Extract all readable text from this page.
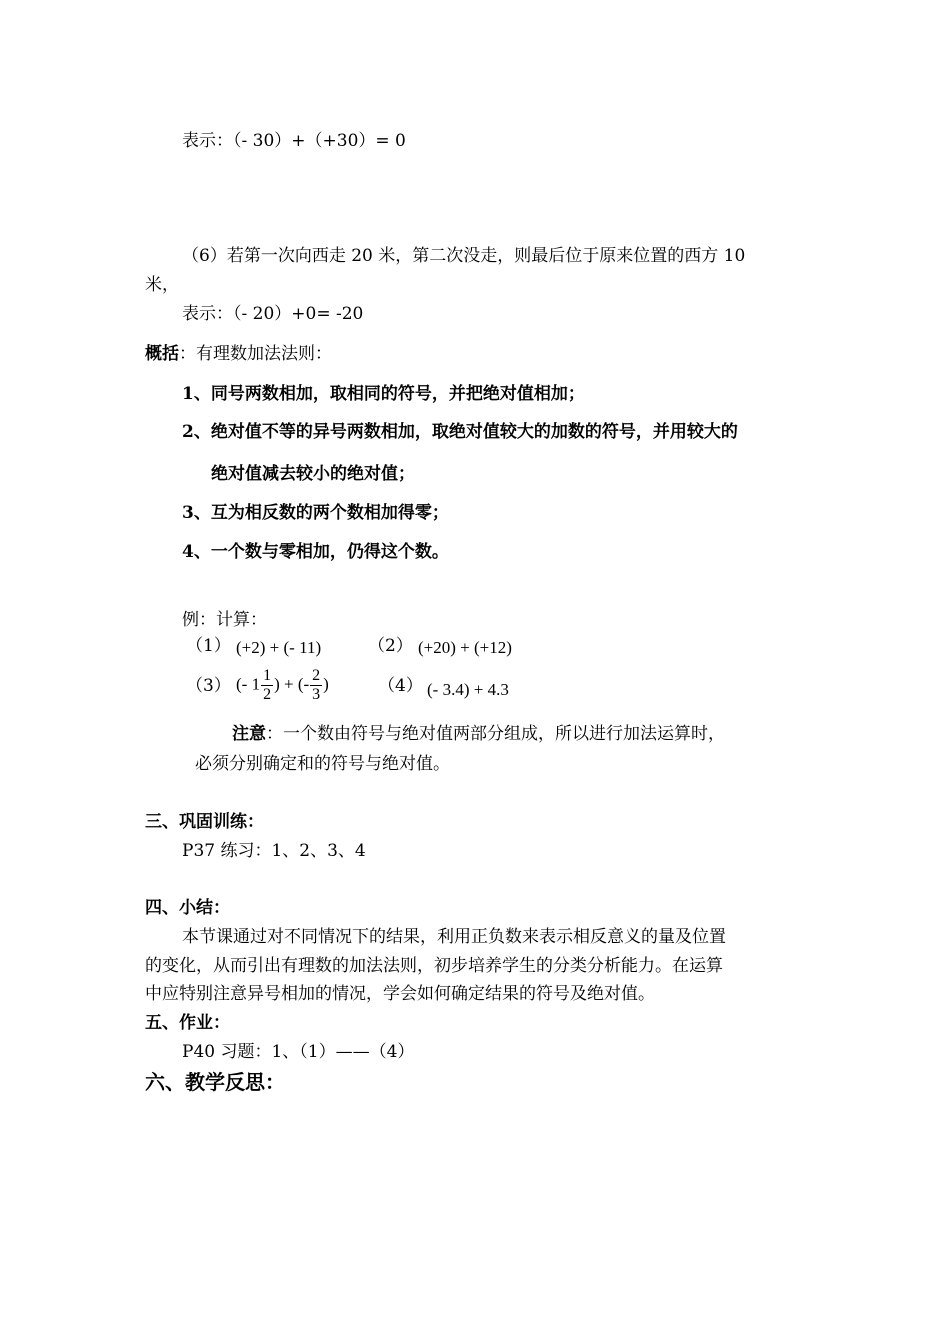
表示：（- 30）+（+30）= 0
（6）若第一次向西走 20 米，第二次没走，则最后位于原来位置的西方 10
米，
表示：（- 20）+0= -20
概括：有理数加法法则：
1、同号两数相加，取相同的符号，并把绝对值相加；
2、绝对值不等的异号两数相加，取绝对值较大的加数的符号，并用较大的
绝对值减去较小的绝对值；
3、互为相反数的两个数相加得零；
4、一个数与零相加，仍得这个数。
例：计算：
（1） (+2) + (- 11)	（2） (+20) + (+12)
（3） (- $1 \frac{1}{2}$ ) + (- $\frac{2}{3}$ )	（4） (- 3.4) + 4.3
注意：一个数由符号与绝对值两部分组成，所以进行加法运算时，
必须分别确定和的符号与绝对值。
三、巩固训练：
P37 练习：1、2、3、4
四、小结：
本节课通过对不同情况下的结果，利用正负数来表示相反意义的量及位置
的变化，从而引出有理数的加法法则，初步培养学生的分类分析能力。在运算
中应特别注意异号相加的情况，学会如何确定结果的符号及绝对值。
五、作业：
P40 习题：1、（1）——（4）
六、教学反思：
